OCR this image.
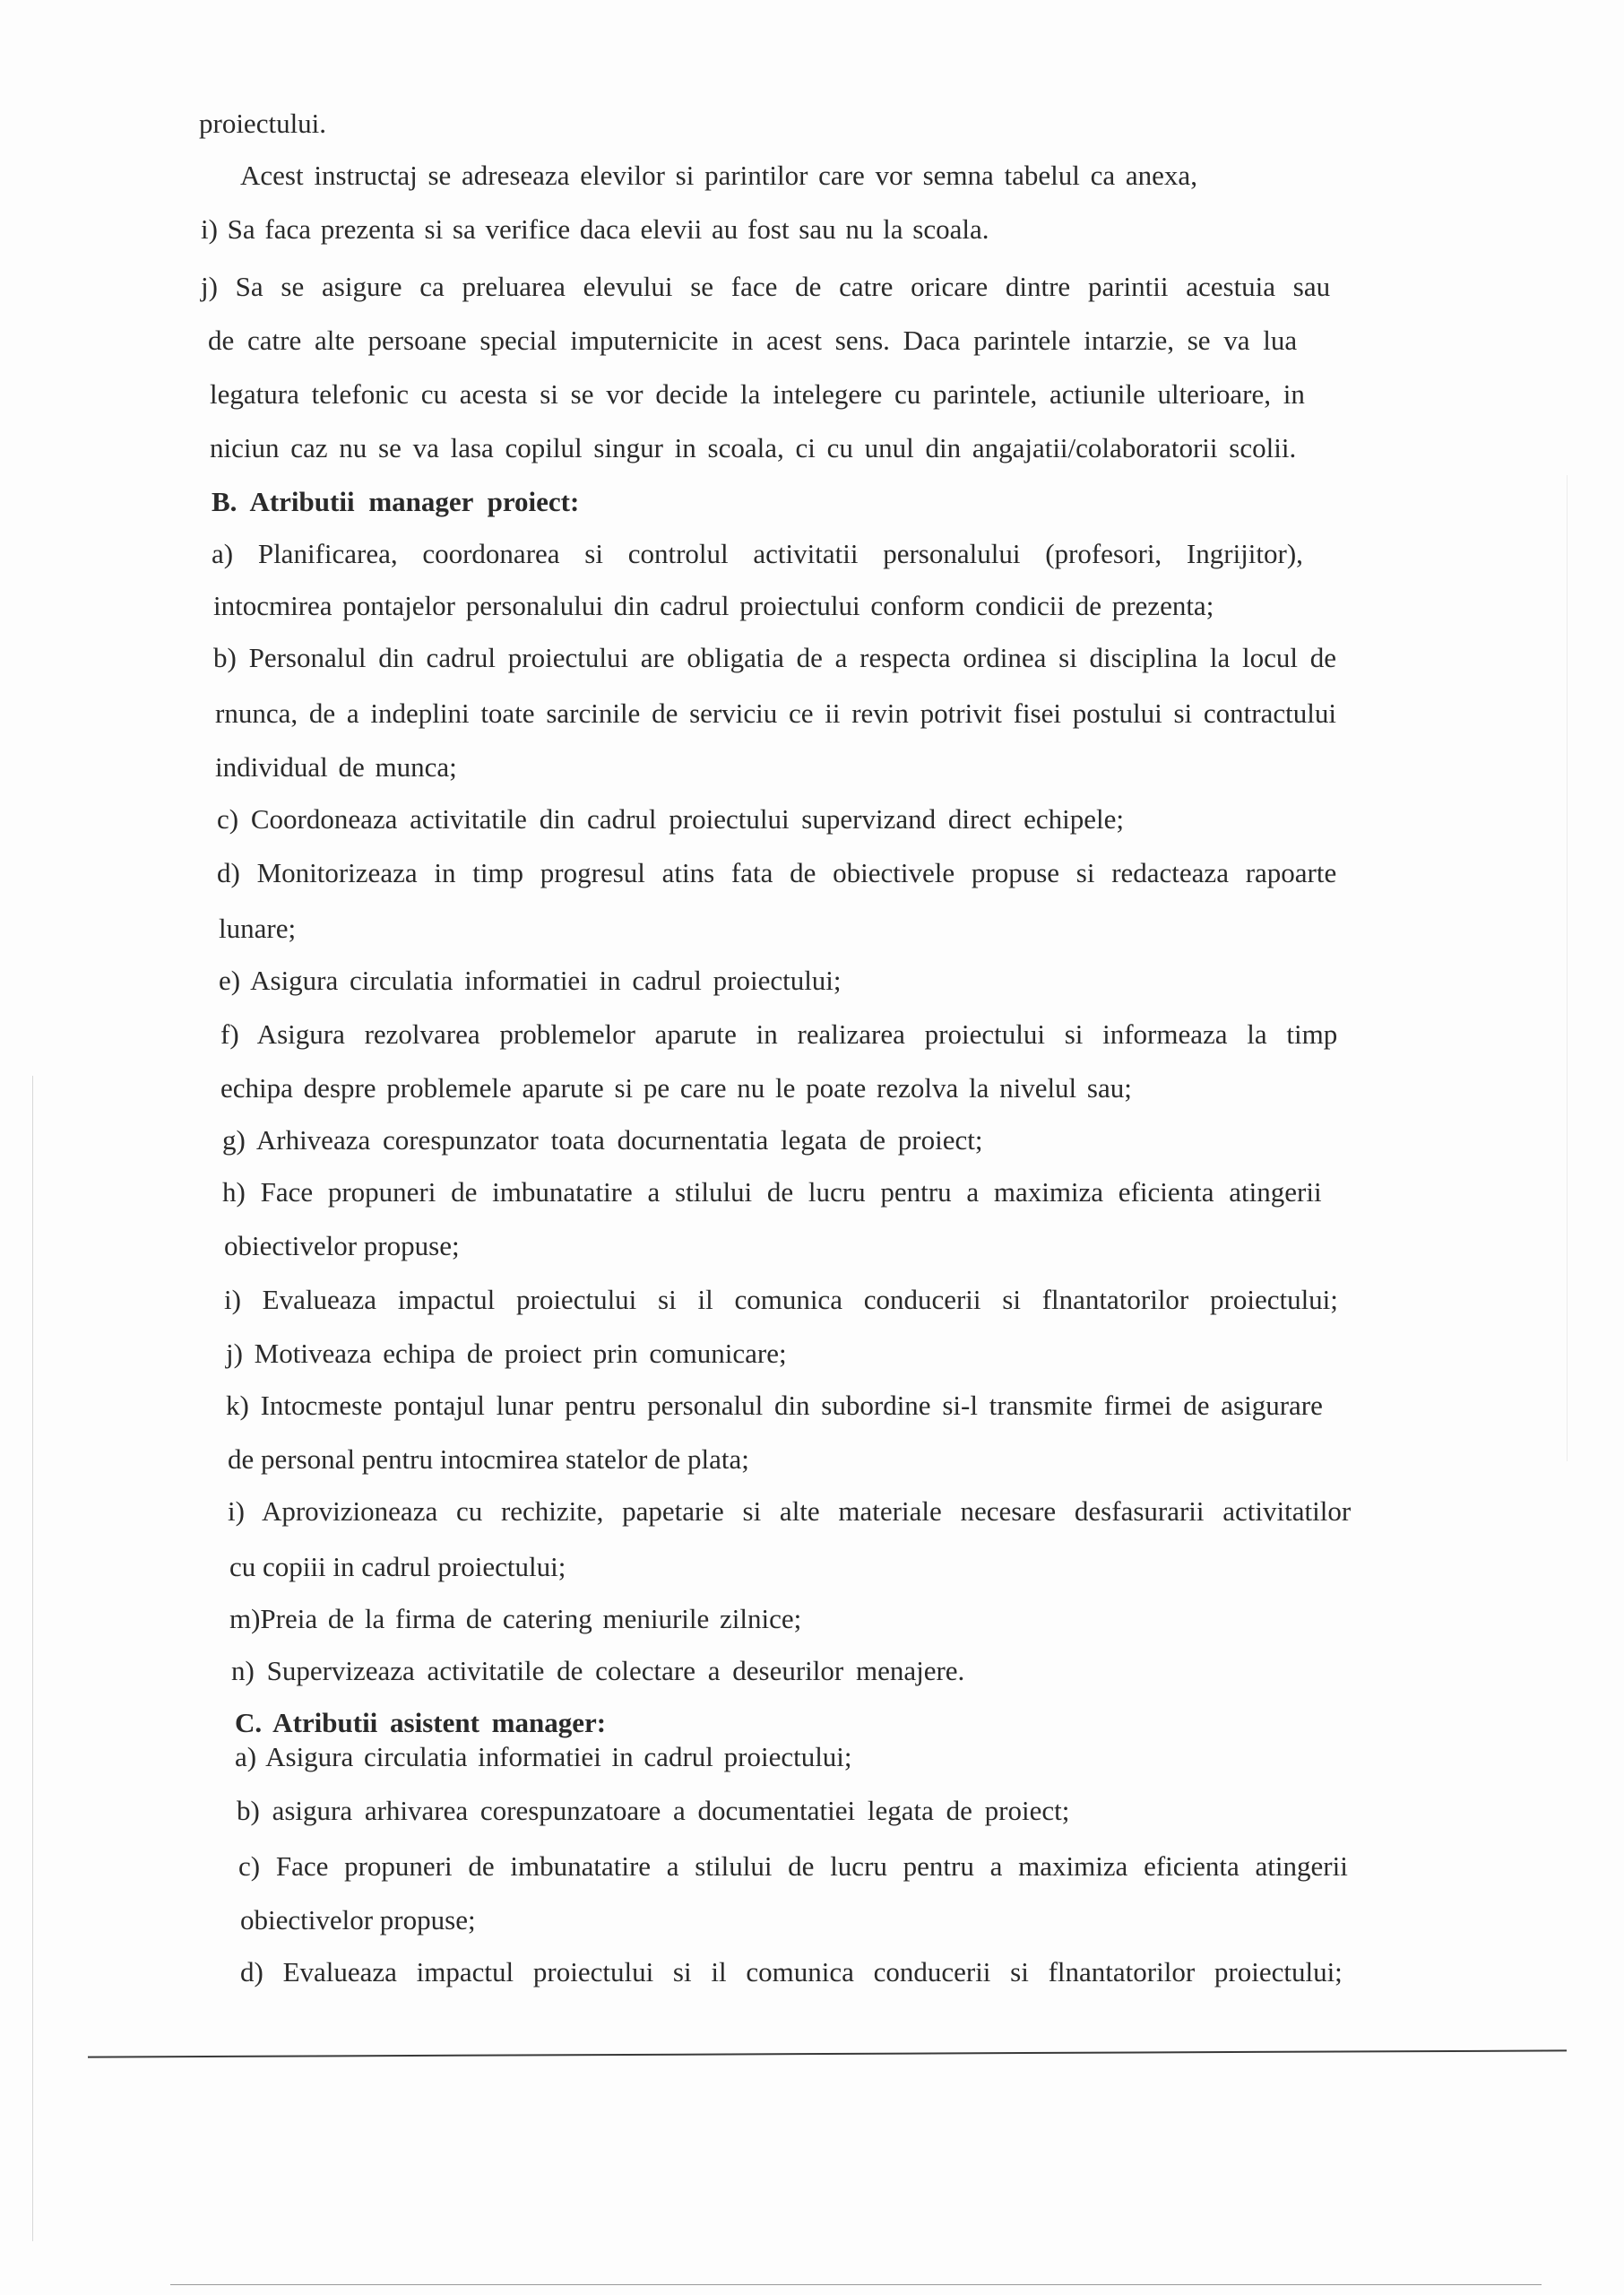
proiectului.

Acest instructaj se adreseaza elevilor si parintilor care vor semna tabelul ca anexa,

i) Sa faca prezenta si sa verifice daca elevii au fost sau nu la scoala.

j) Sa se asigure ca preluarea elevului se face de catre oricare dintre parintii acestuia sau

de catre alte persoane special imputernicite in acest sens. Daca parintele intarzie, se va lua

legatura telefonic cu acesta si se vor decide la intelegere cu parintele, actiunile ulterioare, in

niciun caz nu se va lasa copilul singur in scoala, ci cu unul din angajatii/colaboratorii scolii.

B. Atributii manager proiect:

a) Planificarea, coordonarea si controlul activitatii personalului (profesori, Ingrijitor),

intocmirea pontajelor personalului din cadrul proiectului conform condicii de prezenta;

b) Personalul din cadrul proiectului are obligatia de a respecta ordinea si disciplina la locul de

rnunca, de a indeplini toate sarcinile de serviciu ce ii revin potrivit fisei postului si contractului

individual de munca;

c) Coordoneaza activitatile din cadrul proiectului supervizand direct echipele;

d) Monitorizeaza in timp progresul atins fata de obiectivele propuse si redacteaza rapoarte

lunare;

e) Asigura circulatia informatiei in cadrul proiectului;

f) Asigura rezolvarea problemelor aparute in realizarea proiectului si informeaza la timp

echipa despre problemele aparute si pe care nu le poate rezolva la nivelul sau;

g) Arhiveaza corespunzator toata docurnentatia legata de proiect;

h) Face propuneri de imbunatatire a stilului de lucru pentru a maximiza eficienta atingerii

obiectivelor propuse;

i) Evalueaza impactul proiectului si il comunica conducerii si flnantatorilor proiectului;

j) Motiveaza echipa de proiect prin comunicare;

k) Intocmeste pontajul lunar pentru personalul din subordine si-l transmite firmei de asigurare

de personal pentru intocmirea statelor de plata;

i) Aprovizioneaza cu rechizite, papetarie si alte materiale necesare desfasurarii activitatilor

cu copiii in cadrul proiectului;

m)Preia de la firma de catering meniurile zilnice;

n) Supervizeaza activitatile de colectare a deseurilor menajere.

C. Atributii asistent manager:

a) Asigura circulatia informatiei in cadrul proiectului;

b) asigura arhivarea corespunzatoare a documentatiei legata de proiect;

c) Face propuneri de imbunatatire a stilului de lucru pentru a maximiza eficienta atingerii

obiectivelor propuse;

d) Evalueaza impactul proiectului si il comunica conducerii si flnantatorilor proiectului;
